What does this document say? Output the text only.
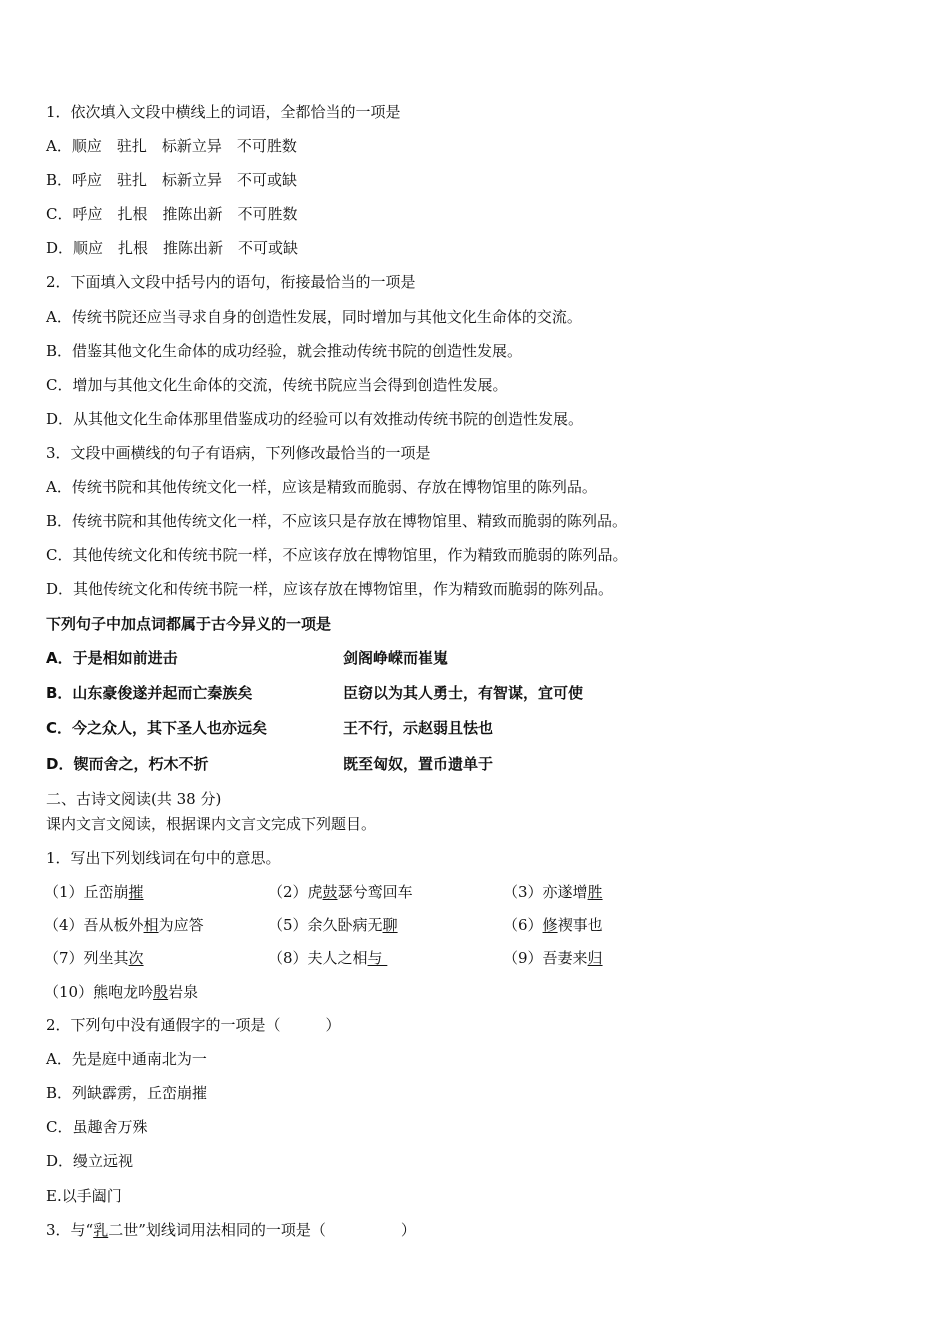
1．依次填入文段中横线上的词语，全都恰当的一项是
A．顺应　驻扎　标新立异　不可胜数
B．呼应　驻扎　标新立异　不可或缺
C．呼应　扎根　推陈出新　不可胜数
D．顺应　扎根　推陈出新　不可或缺
2．下面填入文段中括号内的语句，衔接最恰当的一项是
A．传统书院还应当寻求自身的创造性发展，同时增加与其他文化生命体的交流。
B．借鉴其他文化生命体的成功经验，就会推动传统书院的创造性发展。
C．增加与其他文化生命体的交流，传统书院应当会得到创造性发展。
D．从其他文化生命体那里借鉴成功的经验可以有效推动传统书院的创造性发展。
3．文段中画横线的句子有语病，下列修改最恰当的一项是
A．传统书院和其他传统文化一样，应该是精致而脆弱、存放在博物馆里的陈列品。
B．传统书院和其他传统文化一样，不应该只是存放在博物馆里、精致而脆弱的陈列品。
C．其他传统文化和传统书院一样，不应该存放在博物馆里，作为精致而脆弱的陈列品。
D．其他传统文化和传统书院一样，应该存放在博物馆里，作为精致而脆弱的陈列品。
下列句子中加点词都属于古今异义的一项是
A．于是相如前进击	剑阁峥嵘而崔嵬
B．山东豪俊遂并起而亡秦族矣	臣窃以为其人勇士，有智谋，宜可使
C．今之众人，其下圣人也亦远矣	王不行，示赵弱且怯也
D．锲而舍之，朽木不折	既至匈奴，置币遗单于
二、古诗文阅读(共 38 分)
课内文言文阅读，根据课内文言文完成下列题目。
1．写出下列划线词在句中的意思。
（1）丘峦崩摧	（2）虎鼓瑟兮鸾回车	（3）亦遂增胜
（4）吾从板外相为应答	（5）余久卧病无聊	（6）修禊事也
（7）列坐其次	（8）夫人之相与	（9）吾妻来归
（10）熊咆龙吟殷岩泉
2．下列句中没有通假字的一项是（　　　）
A．先是庭中通南北为一
B．列缺霹雳，丘峦崩摧
C．虽趣舍万殊
D．缦立远视
E.以手阖门
3．与“乳二世”划线词用法相同的一项是（　　　　　）
